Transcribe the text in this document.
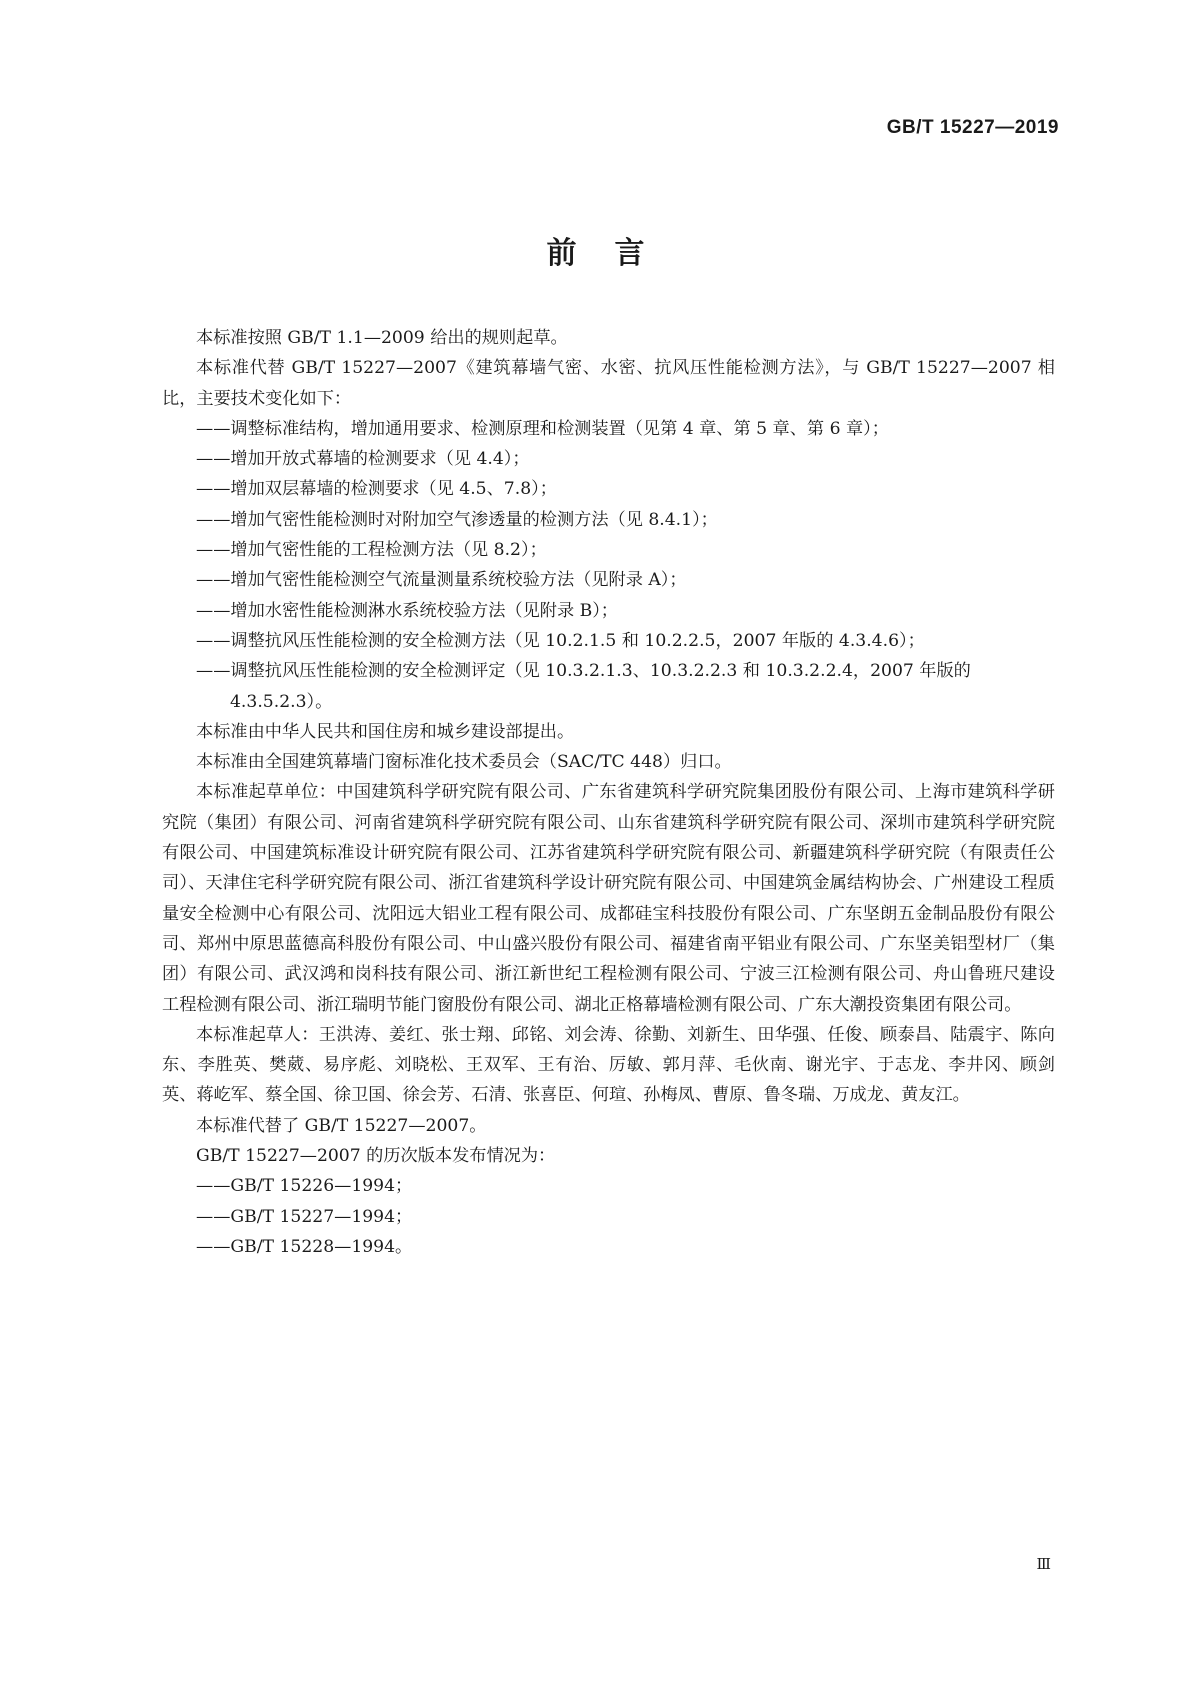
GB/T 15227—2019
前言

本标准按照 GB/T 1.1—2009 给出的规则起草。

本标准代替 GB/T 15227—2007《建筑幕墙气密、水密、抗风压性能检测方法》，与 GB/T 15227—2007 相比，主要技术变化如下：

——调整标准结构，增加通用要求、检测原理和检测装置（见第 4 章、第 5 章、第 6 章）；

——增加开放式幕墙的检测要求（见 4.4）；

——增加双层幕墙的检测要求（见 4.5、7.8）；

——增加气密性能检测时对附加空气渗透量的检测方法（见 8.4.1）；

——增加气密性能的工程检测方法（见 8.2）；

——增加气密性能检测空气流量测量系统校验方法（见附录 A）；

——增加水密性能检测淋水系统校验方法（见附录 B）；

——调整抗风压性能检测的安全检测方法（见 10.2.1.5 和 10.2.2.5，2007 年版的 4.3.4.6）；

——调整抗风压性能检测的安全检测评定（见 10.3.2.1.3、10.3.2.2.3 和 10.3.2.2.4，2007 年版的

4.3.5.2.3）。

本标准由中华人民共和国住房和城乡建设部提出。

本标准由全国建筑幕墙门窗标准化技术委员会（SAC/TC 448）归口。

本标准起草单位：中国建筑科学研究院有限公司、广东省建筑科学研究院集团股份有限公司、上海市建筑科学研究院（集团）有限公司、河南省建筑科学研究院有限公司、山东省建筑科学研究院有限公司、深圳市建筑科学研究院有限公司、中国建筑标准设计研究院有限公司、江苏省建筑科学研究院有限公司、新疆建筑科学研究院（有限责任公司）、天津住宅科学研究院有限公司、浙江省建筑科学设计研究院有限公司、中国建筑金属结构协会、广州建设工程质量安全检测中心有限公司、沈阳远大铝业工程有限公司、成都硅宝科技股份有限公司、广东坚朗五金制品股份有限公司、郑州中原思蓝德高科股份有限公司、中山盛兴股份有限公司、福建省南平铝业有限公司、广东坚美铝型材厂（集团）有限公司、武汉鸿和岗科技有限公司、浙江新世纪工程检测有限公司、宁波三江检测有限公司、舟山鲁班尺建设工程检测有限公司、浙江瑞明节能门窗股份有限公司、湖北正格幕墙检测有限公司、广东大潮投资集团有限公司。

本标准起草人：王洪涛、姜红、张士翔、邱铭、刘会涛、徐勤、刘新生、田华强、任俊、顾泰昌、陆震宇、陈向东、李胜英、樊葳、易序彪、刘晓松、王双军、王有治、厉敏、郭月萍、毛伙南、谢光宇、于志龙、李井冈、顾剑英、蒋屹军、蔡全国、徐卫国、徐会芳、石清、张喜臣、何瑄、孙梅凤、曹原、鲁冬瑞、万成龙、黄友江。

本标准代替了 GB/T 15227—2007。

GB/T 15227—2007 的历次版本发布情况为：

——GB/T 15226—1994；

——GB/T 15227—1994；

——GB/T 15228—1994。

Ⅲ
